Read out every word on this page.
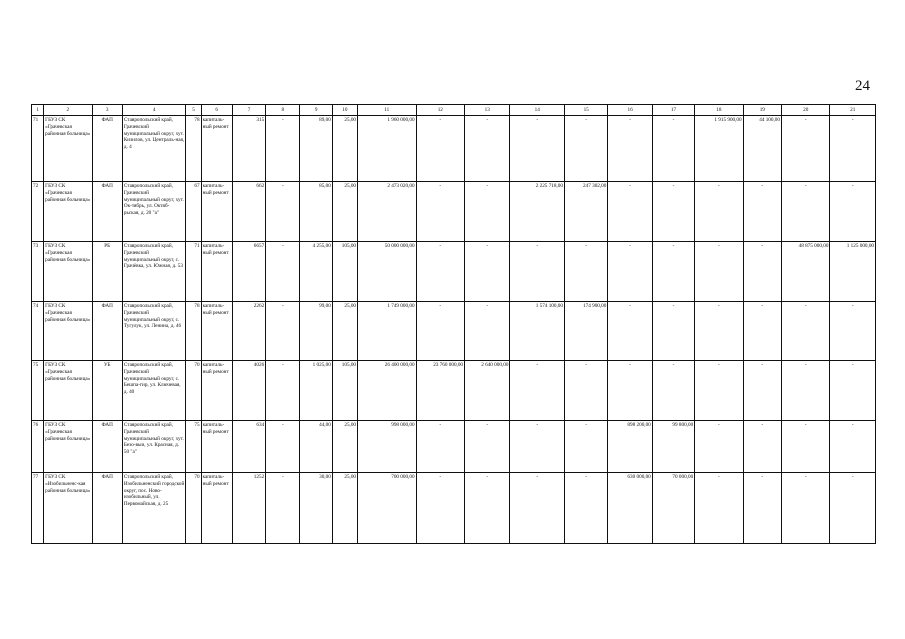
24
1	2	3	4	5	6	7	8	9	10	11	12	13	14	15	16	17	18	19	20	21
71	ГБУЗ СК «Грачевская районная больница»	ФАП	Ставропольский край, Грачевский муниципальный округ, хут. Кизилов, ул. Централь-ная, д. 4	78	капиталь-ный ремонт	315	-	89,00	25,00	1 960 000,00	-	-	-	-	-	-	1 915 900,00	44 100,00	-	-
72	ГБУЗ СК «Грачевская районная больница»	ФАП	Ставропольский край, Грачевский муниципальный округ, хут. Ок-тябрь, ул. Октяб-рьская, д. 20 "а"	67	капиталь-ный ремонт	662	-	85,00	25,00	2 473 020,00	-	-	2 225 718,00	247 302,00	-	-	-	-	-	-
73	ГБУЗ СК «Грачевская районная больница»	РБ	Ставропольский край, Грачевский муниципальный округ, с. Грачёвка, ул. Южная, д. 53	71	капиталь-ный ремонт	6657	-	4 255,00	105,00	50 000 000,00	-	-	-	-	-	-	-	-	48 875 000,00	1 125 000,00
74	ГБУЗ СК «Грачевская районная больница»	ФАП	Ставропольский край, Грачевский муниципальный округ, с. Тугулук, ул. Ленина, д. 46	78	капиталь-ный ремонт	2262	-	99,00	25,00	1 749 000,00	-	-	1 574 100,00	174 900,00	-	-	-	-	-	-
75	ГБУЗ СК «Грачевская районная больница»	УБ	Ставропольский край, Грачевский муниципальный округ, с. Бешпа-гир, ул. Ключевая, д. 40	70	капиталь-ный ремонт	4026	-	1 025,00	105,00	26 400 000,00	23 760 000,00	2 640 000,00	-	-	-	-	-	-	-	-
76	ГБУЗ СК «Грачевская районная больница»	ФАП	Ставропольский край, Грачевский муниципальный округ, хут. Безо-выи, ул. Красная, д. 50 "а"	75	капиталь-ный ремонт	634	-	44,00	25,00	998 000,00	-	-	-	-	898 200,00	99 800,00	-	-	-	-
77	ГБУЗ СК «Изобильненс-кая районная больница»	ФАП	Ставропольский край, Изобильненский городской округ, пос. Ново-изобильный, ул. Первомайская, д. 25	70	капиталь-ный ремонт	1252	-	30,00	25,00	700 000,00	-	-	-	-	630 000,00	70 000,00	-	-	-	-
